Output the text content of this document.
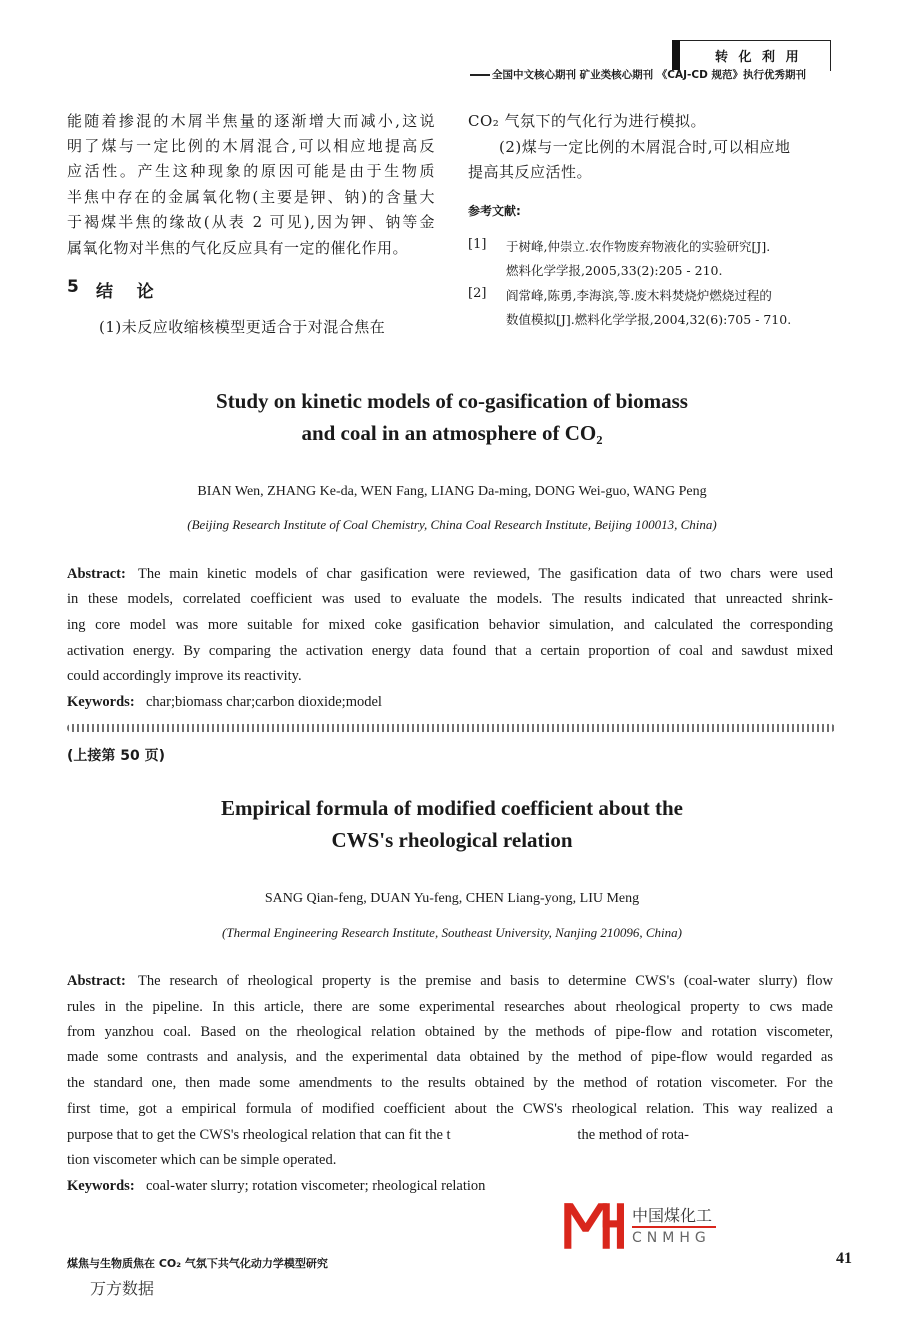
转 化 利 用
全国中文核心期刊 矿业类核心期刊 《CAJ-CD 规范》执行优秀期刊
能随着掺混的木屑半焦量的逐渐增大而减小,这说
明了煤与一定比例的木屑混合,可以相应地提高反
应活性。产生这种现象的原因可能是由于生物质
半焦中存在的金属氧化物(主要是钾、钠)的含量大
于褐煤半焦的缘故(从表 2 可见),因为钾、钠等金
属氧化物对半焦的气化反应具有一定的催化作用。
5 结    论
(1)未反应收缩核模型更适合于对混合焦在
CO₂ 气氛下的气化行为进行模拟。
(2)煤与一定比例的木屑混合时,可以相应地
提高其反应活性。
参考文献:
[1] 于树峰,仲崇立.农作物废弃物液化的实验研究[J].
燃料化学学报,2005,33(2):205 - 210.
[2] 阎常峰,陈勇,李海滨,等.废木料焚烧炉燃烧过程的
数值模拟[J].燃料化学学报,2004,32(6):705 - 710.
Study on kinetic models of co-gasification of biomass
and coal in an atmosphere of CO₂
BIAN Wen, ZHANG Ke-da, WEN Fang, LIANG Da-ming, DONG Wei-guo, WANG Peng
(Beijing Research Institute of Coal Chemistry, China Coal Research Institute, Beijing 100013, China)
Abstract: The main kinetic models of char gasification were reviewed, The gasification data of two chars were used
in these models, correlated coefficient was used to evaluate the models. The results indicated that unreacted shrink-
ing core model was more suitable for mixed coke gasification behavior simulation, and calculated the corresponding
activation energy. By comparing the activation energy data found that a certain proportion of coal and sawdust mixed
could accordingly improve its reactivity.
Keywords: char;biomass char;carbon dioxide;model
(上接第 50 页)
Empirical formula of modified coefficient about the
CWS's rheological relation
SANG Qian-feng, DUAN Yu-feng, CHEN Liang-yong, LIU Meng
(Thermal Engineering Research Institute, Southeast University, Nanjing 210096, China)
Abstract: The research of rheological property is the premise and basis to determine CWS's (coal-water slurry) flow
rules in the pipeline. In this article, there are some experimental researches about rheological property to cws made
from yanzhou coal. Based on the rheological relation obtained by the methods of pipe-flow and rotation viscometer,
made some contrasts and analysis, and the experimental data obtained by the method of pipe-flow would regarded as
the standard one, then made some amendments to the results obtained by the method of rotation viscometer. For the
first time, got a empirical formula of modified coefficient about the CWS's rheological relation. This way realized a
purpose that to get the CWS's rheological relation that can fit the t                                   the method of rota-
tion viscometer which can be simple operated.
Keywords: coal-water slurry; rotation viscometer; rheological relation
中国煤化工
CNMHG
煤焦与生物质焦在 CO₂ 气氛下共气化动力学模型研究	41
万方数据
